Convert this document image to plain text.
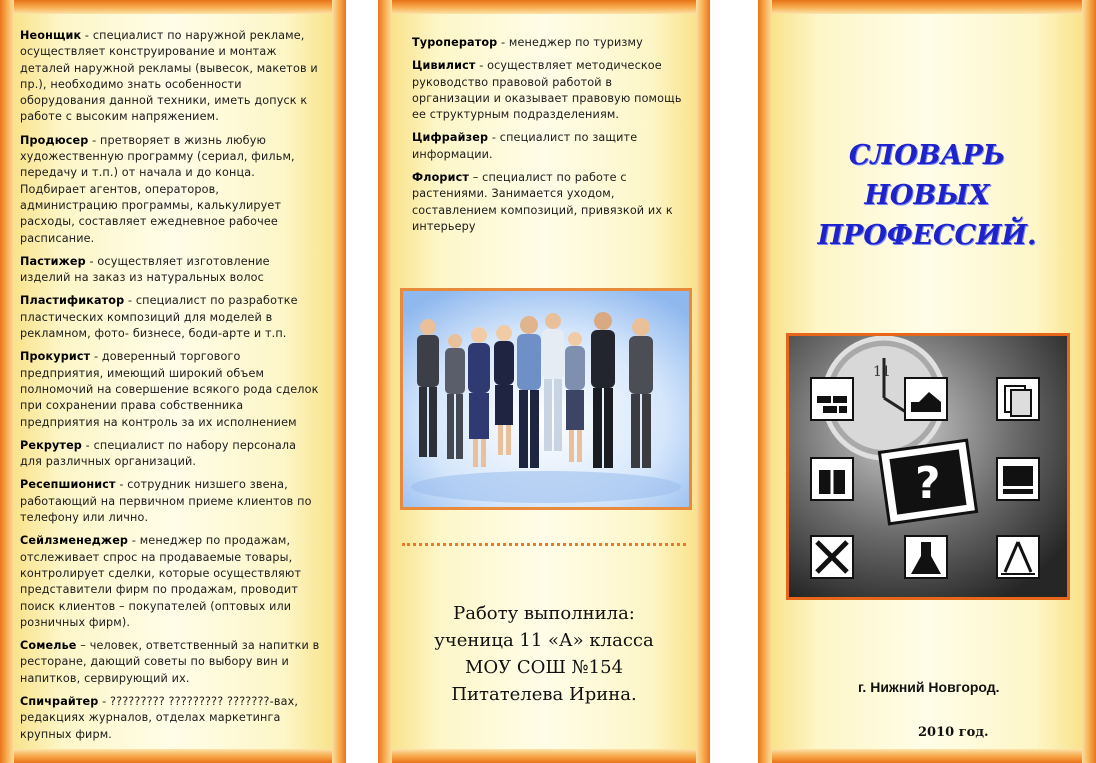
Неонщик - специалист по наружной рекламе, осуществляет конструирование и монтаж деталей наружной рекламы (вывесок, макетов и пр.), необходимо знать особенности оборудования данной техники, иметь допуск к работе с высоким напряжением.
Продюсер - претворяет в жизнь любую художественную программу (сериал, фильм, передачу и т.п.) от начала и до конца. Подбирает агентов, операторов, администрацию программы, калькулирует расходы, составляет ежедневное рабочее расписание.
Пастижер - осуществляет изготовление изделий на заказ из натуральных волос
Пластификатор - специалист по разработке пластических композиций для моделей в рекламном, фото- бизнесе, боди-арте и т.п.
Прокурист - доверенный торгового предприятия, имеющий широкий объем полномочий на совершение всякого рода сделок при сохранении права собственника предприятия на контроль за их исполнением
Рекрутер - специалист по набору персонала для различных организаций.
Ресепшионист - сотрудник низшего звена, работающий на первичном приеме клиентов по телефону или лично.
Сейлзменеджер - менеджер по продажам, отслеживает спрос на продаваемые товары, контролирует сделки, которые осуществляют представители фирм по продажам, проводит поиск клиентов – покупателей (оптовых или розничных фирм).
Сомелье – человек, ответственный за напитки в ресторане, дающий советы по выбору вин и напитков, сервирующий их.
Спичрайтер - ????????? ????????? ???????-вах, редакциях журналов, отделах маркетинга крупных фирм.
Туроператор - менеджер по туризму
Цивилист - осуществляет методическое руководство правовой работой в организации и оказывает правовую помощь ее структурным подразделениям.
Цифрайзер - специалист по защите информации.
Флорист – специалист по работе с растениями. Занимается уходом, составлением композиций, привязкой их к интерьеру
Работу выполнила:
ученица 11 «А» класса
МОУ СОШ №154
Питателева Ирина.
СЛОВАРЬ
НОВЫХ
ПРОФЕССИЙ.
11
?
г. Нижний Новгород.
2010 год.
